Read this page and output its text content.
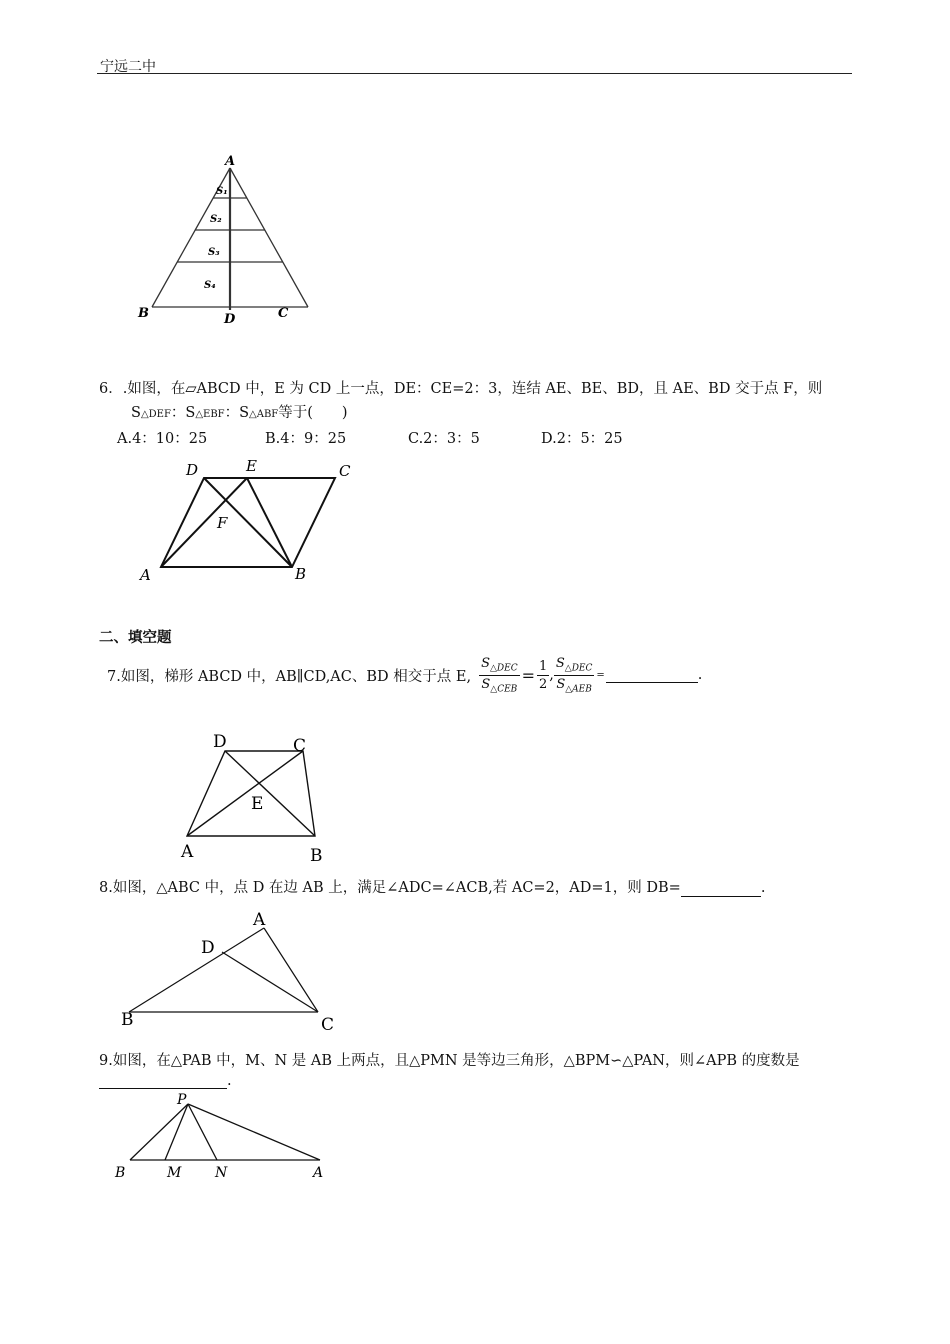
宁远二中
A
B	D	C
S₁
S₂
S₃
S₄
6．.如图，在▱ABCD 中，E 为 CD 上一点，DE：CE=2：3，连结 AE、BE、BD，且 AE、BD 交于点 F，则
S△DEF：S△EBF：S△ABF等于(　　)
A.4：10：25	B.4：9：25	C.2：3：5	D.2：5：25
D	E	C
F
A	B
二、填空题
7.如图，梯形 ABCD 中，AB∥CD,AC、BD 相交于点 E, $\frac{S_{\triangle DEC}}{S_{\triangle CEB}} = \frac{1}{2}$ , $\frac{S_{\triangle DEC}}{S_{\triangle AEB}}$ =	.
D	C
E
A	B
8.如图，△ABC 中，点 D 在边 AB 上，满足∠ADC=∠ACB,若 AC=2，AD=1，则 DB=	.
A
D
B	C
9.如图，在△PAB 中，M、N 是 AB 上两点，且△PMN 是等边三角形，△BPM∽△PAN，则∠APB 的度数是
.
P
B	M N	A
